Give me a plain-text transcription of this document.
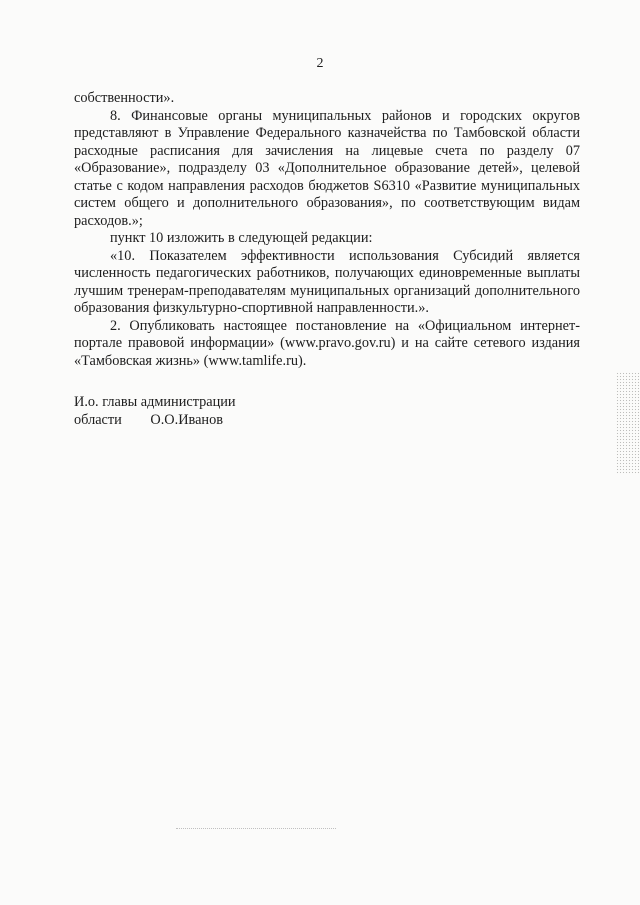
2

собственности».

8. Финансовые органы муниципальных районов и городских округов представляют в Управление Федерального казначейства по Тамбовской области расходные расписания для зачисления на лицевые счета по разделу 07 «Образование», подразделу 03 «Дополнительное образование детей», целевой статье с кодом направления расходов бюджетов S6310 «Развитие муниципальных систем общего и дополнительного образования», по соответствующим видам расходов.»;

пункт 10 изложить в следующей редакции:

«10. Показателем эффективности использования Субсидий является численность педагогических работников, получающих единовременные выплаты лучшим тренерам-преподавателям муниципальных организаций дополнительного образования физкультурно-спортивной направленности.».

2. Опубликовать настоящее постановление на «Официальном интернет-портале правовой информации» (www.pravo.gov.ru) и на сайте сетевого издания «Тамбовская жизнь» (www.tamlife.ru).

И.о. главы администрации
области О.О.Иванов
